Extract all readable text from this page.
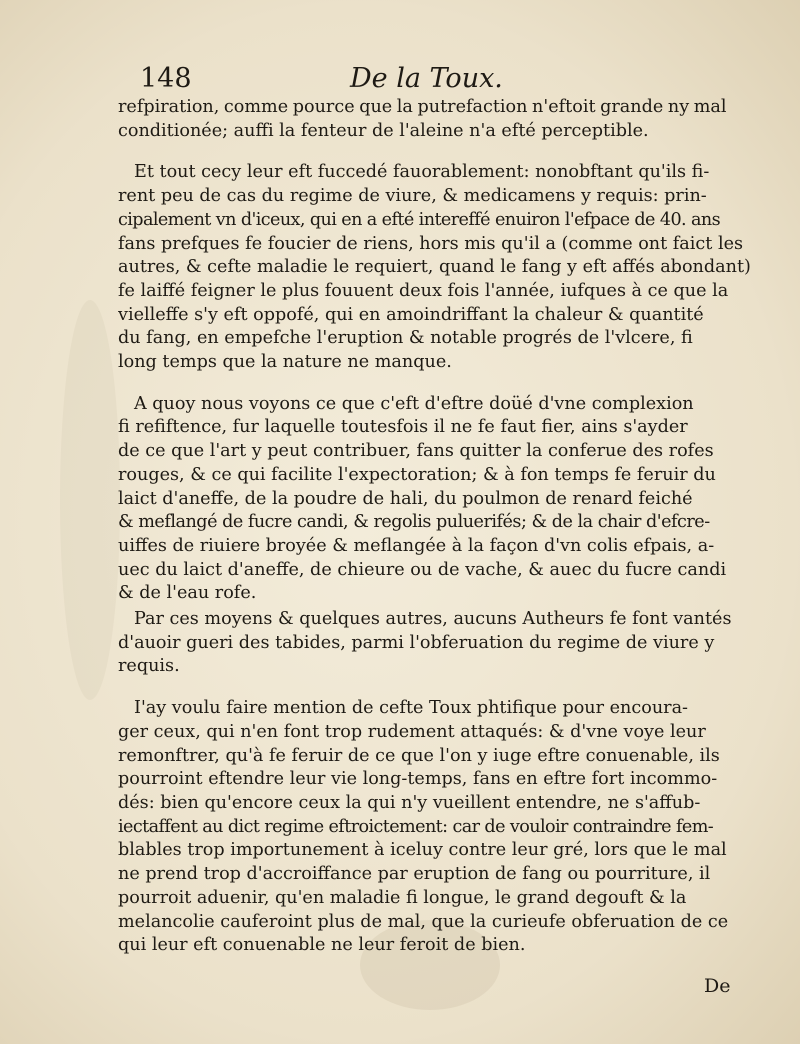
148	De la Toux.
refpiration, comme pource que la putrefaction n'eftoit grande ny mal
conditionée; auffi la fenteur de l'aleine n'a efté perceptible.
Et tout cecy leur eft fuccedé fauorablement: nonobftant qu'ils fi-
rent peu de cas du regime de viure, & medicamens y requis: prin-
cipalement vn d'iceux, qui en a efté intereffé enuiron l'efpace de 40. ans
fans prefques fe foucier de riens, hors mis qu'il a (comme ont faict les
autres, & cefte maladie le requiert, quand le fang y eft affés abondant)
fe laiffé feigner le plus fouuent deux fois l'année, iufques à ce que la
vielleffe s'y eft oppofé, qui en amoindriffant la chaleur & quantité
du fang, en empefche l'eruption & notable progrés de l'vlcere, fi
long temps que la nature ne manque.
A quoy nous voyons ce que c'eft d'eftre doüé d'vne complexion
fi refiftence, fur laquelle toutesfois il ne fe faut fier, ains s'ayder
de ce que l'art y peut contribuer, fans quitter la conferue des rofes
rouges, & ce qui facilite l'expectoration; & à fon temps fe feruir du
laict d'aneffe, de la poudre de hali, du poulmon de renard feiché
& meflangé de fucre candi, & regolis puluerifés; & de la chair d'efcre-
uiffes de riuiere broyée & meflangée à la façon d'vn colis efpais, a-
uec du laict d'aneffe, de chieure ou de vache, & auec du fucre candi
& de l'eau rofe.
Par ces moyens & quelques autres, aucuns Autheurs fe font vantés
d'auoir gueri des tabides, parmi l'obferuation du regime de viure y
requis.
I'ay voulu faire mention de cefte Toux phtifique pour encoura-
ger ceux, qui n'en font trop rudement attaqués: & d'vne voye leur
remonftrer, qu'à fe feruir de ce que l'on y iuge eftre conuenable, ils
pourroint eftendre leur vie long-temps, fans en eftre fort incommo-
dés: bien qu'encore ceux la qui n'y vueillent entendre, ne s'affub-
iectaffent au dict regime eftroictement: car de vouloir contraindre fem-
blables trop importunement à iceluy contre leur gré, lors que le mal
ne prend trop d'accroiffance par eruption de fang ou pourriture, il
pourroit aduenir, qu'en maladie fi longue, le grand degouft & la
melancolie cauferoint plus de mal, que la curieufe obferuation de ce
qui leur eft conuenable ne leur feroit de bien.
De
